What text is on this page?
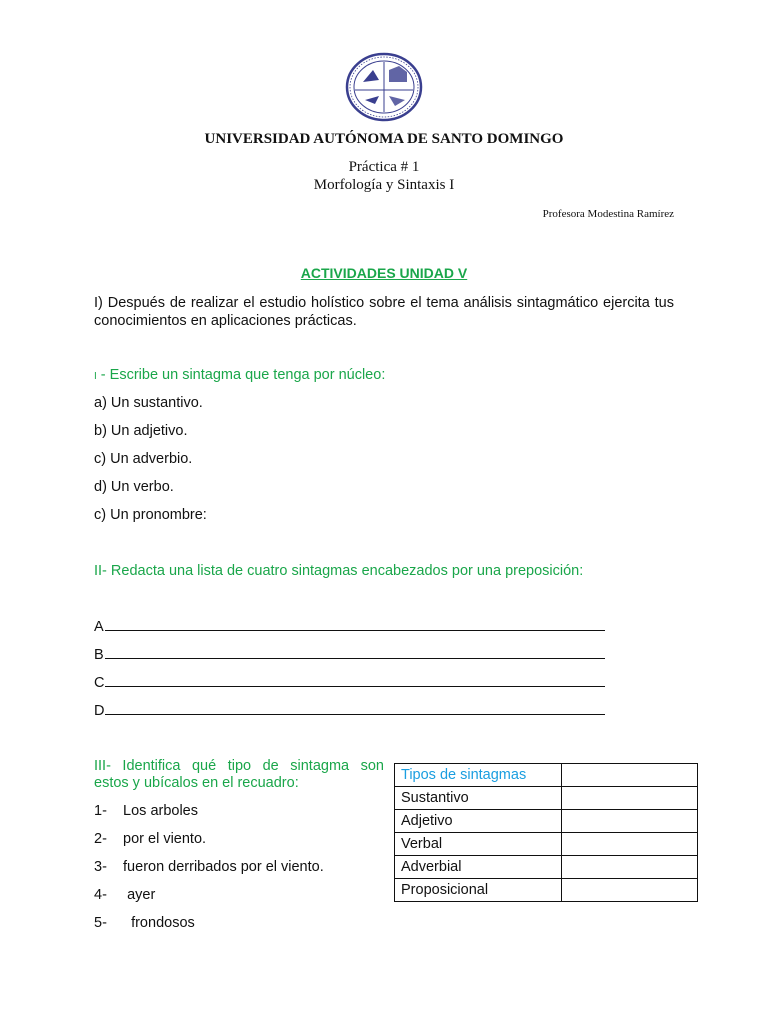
UNIVERSIDAD AUTÓNOMA DE SANTO DOMINGO
Práctica # 1
Morfología y Sintaxis I
Profesora Modestina Ramírez
ACTIVIDADES UNIDAD V
I) Después de realizar el estudio holístico sobre el tema análisis sintagmático ejercita tus conocimientos en aplicaciones prácticas.
I - Escribe un sintagma que tenga por núcleo:
a) Un sustantivo.
b) Un adjetivo.
c) Un adverbio.
d) Un verbo.
c) Un pronombre:
II- Redacta una lista de cuatro sintagmas encabezados por una preposición:
A
B
C
D
III- Identifica qué tipo de sintagma son
estos y ubícalos en el recuadro:
1- Los arboles
2- por el viento.
3- fueron derribados por el viento.
4- ayer
5- frondosos
Tipos de sintagmas	
Sustantivo	
Adjetivo	
Verbal	
Adverbial	
Proposicional	
